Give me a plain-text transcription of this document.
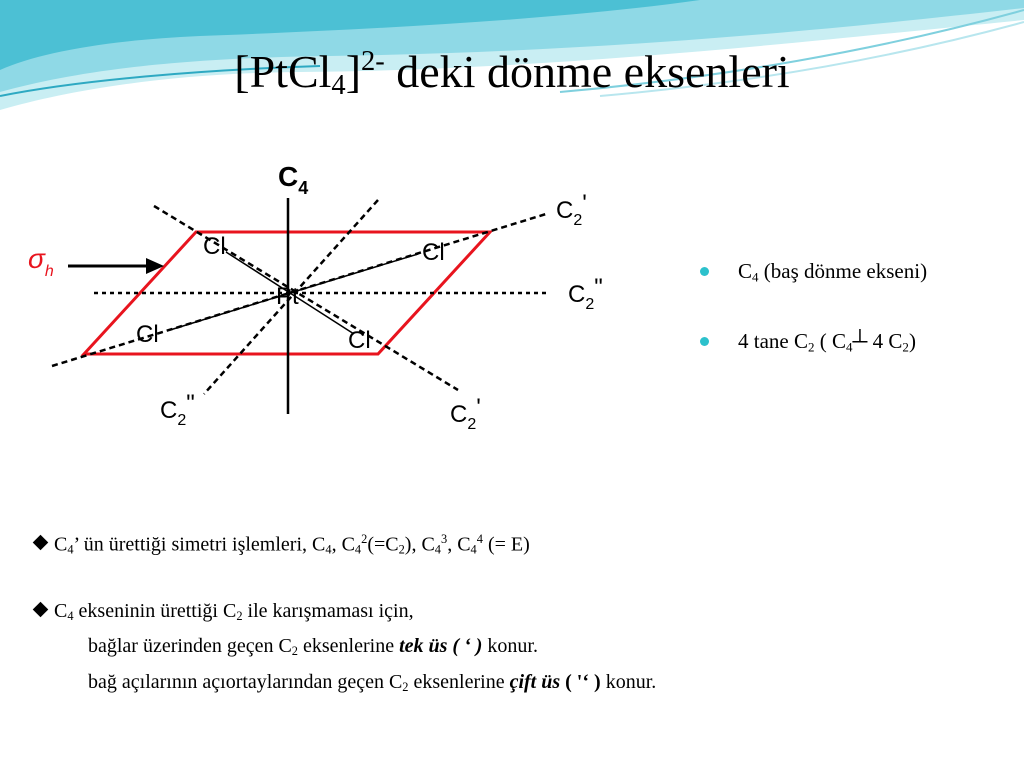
[PtCl$_4$]$^{2-}$ deki dönme eksenleri
$C_4$
$\sigma_h$
$C_2'$
$C_2$"
$C_2$"	$C_2'$
Cl	Cl
Cl	Cl
Pt
$C_4$ (baş dönme ekseni)
4 tane $C_2$ ( $C_4┴$ 4 $C_2$)
$C_4$’ ün ürettiği simetri işlemleri, $C_4$, $C_4^2(=C_2)$, $C_4^3$, $C_4^4$ (= E)
$C_4$ ekseninin ürettiği $C_2$ ile karışmaması için,
bağlar üzerinden geçen $C_2$ eksenlerine tek üs ( ‘ ) konur.
bağ açılarının açıortaylarından geçen $C_2$ eksenlerine çift üs ( '‘ ) konur.
